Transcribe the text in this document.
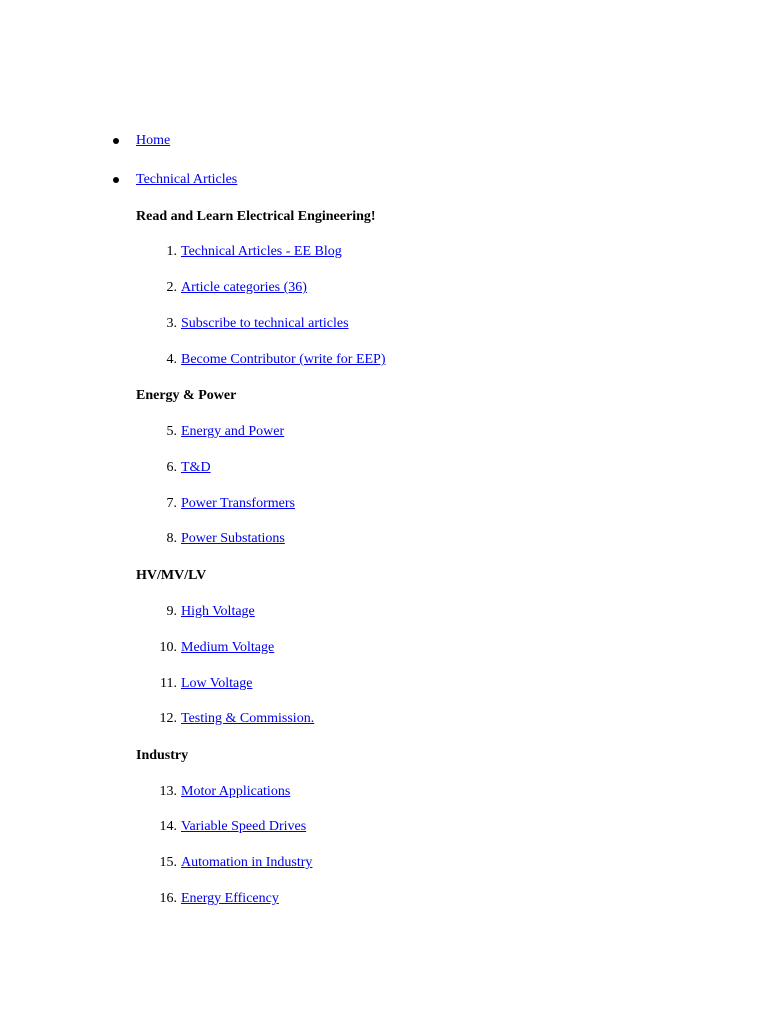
Home
Technical Articles
Read and Learn Electrical Engineering!
1. Technical Articles - EE Blog
2. Article categories (36)
3. Subscribe to technical articles
4. Become Contributor (write for EEP)
Energy & Power
5. Energy and Power
6. T&D
7. Power Transformers
8. Power Substations
HV/MV/LV
9. High Voltage
10. Medium Voltage
11. Low Voltage
12. Testing & Commission.
Industry
13. Motor Applications
14. Variable Speed Drives
15. Automation in Industry
16. Energy Efficency
